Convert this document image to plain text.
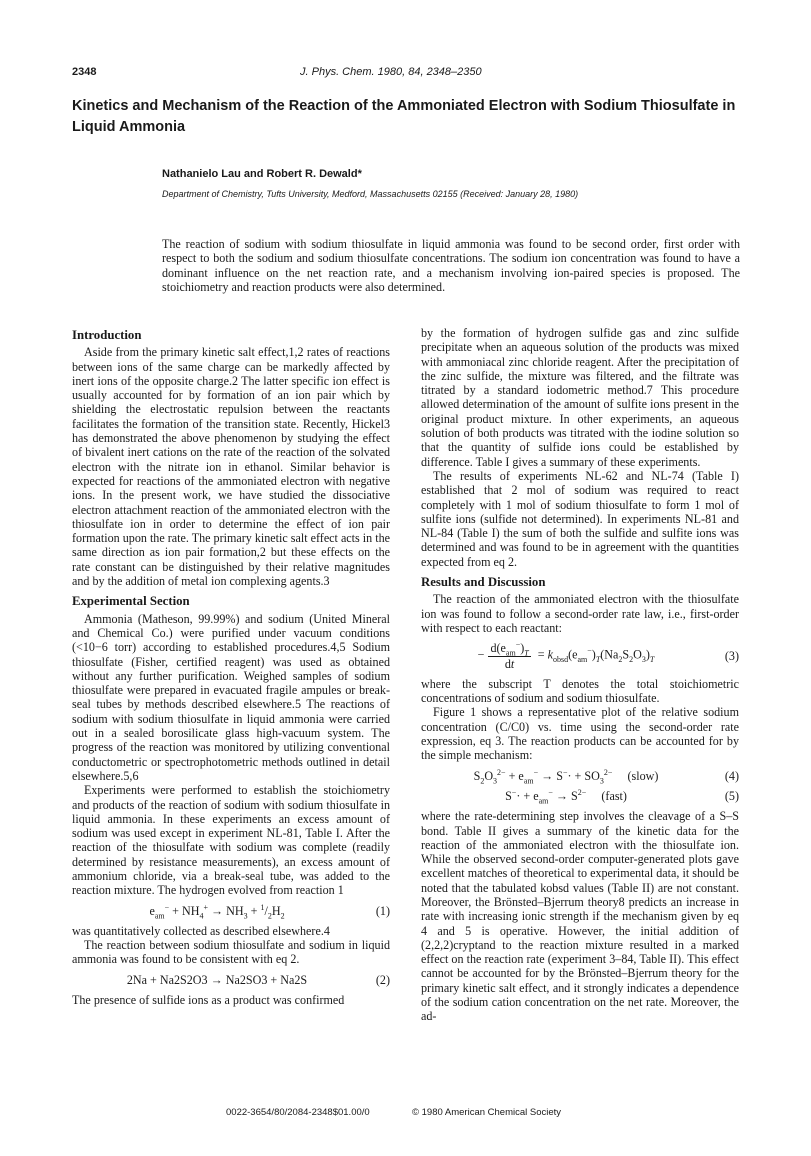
2348	J. Phys. Chem. 1980, 84, 2348–2350
Kinetics and Mechanism of the Reaction of the Ammoniated Electron with Sodium Thiosulfate in Liquid Ammonia
Nathanielo Lau and Robert R. Dewald*
Department of Chemistry, Tufts University, Medford, Massachusetts 02155 (Received: January 28, 1980)

The reaction of sodium with sodium thiosulfate in liquid ammonia was found to be second order, first order with respect to both the sodium and sodium thiosulfate concentrations. The sodium ion concentration was found to have a dominant influence on the net reaction rate, and a mechanism involving ion-paired species is proposed. The stoichiometry and reaction products were also determined.

Introduction

Aside from the primary kinetic salt effect,1,2 rates of reactions between ions of the same charge can be markedly affected by inert ions of the opposite charge.2 The latter specific ion effect is usually accounted for by formation of an ion pair which by shielding the electrostatic repulsion between the reactants facilitates the formation of the transition state. Recently, Hickel3 has demonstrated the above phenomenon by studying the effect of bivalent inert cations on the rate of the reaction of the solvated electron with the nitrate ion in ethanol. Similar behavior is expected for reactions of the ammoniated electron with negative ions. In the present work, we have studied the dissociative electron attachment reaction of the ammoniated electron with the thiosulfate ion in order to determine the effect of ion pair formation upon the rate. The primary kinetic salt effect acts in the same direction as ion pair formation,2 but these effects on the rate constant can be distinguished by their relative magnitudes and by the addition of metal ion complexing agents.3

Experimental Section

Ammonia (Matheson, 99.99%) and sodium (United Mineral and Chemical Co.) were purified under vacuum conditions (<10−6 torr) according to established procedures.4,5 Sodium thiosulfate (Fisher, certified reagent) was used as obtained without any further purification. Weighed samples of sodium thiosulfate were prepared in evacuated fragile ampules or break-seal tubes by methods described elsewhere.5 The reactions of sodium with sodium thiosulfate in liquid ammonia were carried out in a sealed borosilicate glass high-vacuum system. The progress of the reaction was monitored by utilizing conventional conductometric or spectrophotometric methods outlined in detail elsewhere.5,6

Experiments were performed to establish the stoichiometry and products of the reaction of sodium with sodium thiosulfate in liquid ammonia. In these experiments an excess amount of sodium was used except in experiment NL-81, Table I. After the reaction of the thiosulfate with sodium was complete (readily determined by resistance measurements), an excess amount of ammonium chloride, via a break-seal tube, was added to the reaction mixture. The hydrogen evolved from reaction 1

$e_{am}^- + NH_4^+ \to NH_3 + ^1/_2H_2$	(1)

was quantitatively collected as described elsewhere.4

The reaction between sodium thiosulfate and sodium in liquid ammonia was found to be consistent with eq 2.

2Na + Na2S2O3 → Na2SO3 + Na2S	(2)

The presence of sulfide ions as a product was confirmed

by the formation of hydrogen sulfide gas and zinc sulfide precipitate when an aqueous solution of the products was mixed with ammoniacal zinc chloride reagent. After the precipitation of the zinc sulfide, the mixture was filtered, and the filtrate was titrated by a standard iodometric method.7 This procedure allowed determination of the amount of sulfite ions present in the original product mixture. In other experiments, an aqueous solution of both products was titrated with the iodine solution so that the quantity of sulfide ions could be established by difference. Table I gives a summary of these experiments.

The results of experiments NL-62 and NL-74 (Table I) established that 2 mol of sodium was required to react completely with 1 mol of sodium thiosulfate to form 1 mol of sulfite ions (sulfide not determined). In experiments NL-81 and NL-84 (Table I) the sum of both the sulfide and sulfite ions was determined and was found to be in agreement with the quantities expected from eq 2.

Results and Discussion

The reaction of the ammoniated electron with the thiosulfate ion was found to follow a second-order rate law, i.e., first-order with respect to each reactant:

− $\frac{d(e_{am}^-)_T}{dt} = k_{obsd}(e_{am}^-)_T(Na_2S_2O_3)_T$	(3)

where the subscript T denotes the total stoichiometric concentrations of sodium and sodium thiosulfate.

Figure 1 shows a representative plot of the relative sodium concentration (C/C0) vs. time using the second-order rate expression, eq 3. The reaction products can be accounted for by the simple mechanism:

$S_2O_3^{2-} + e_{am}^- \to S^-\cdot + SO_3^{2-}$ (slow)	(4)
$S^-\cdot + e_{am}^- \to S^{2-}$ (fast)	(5)

where the rate-determining step involves the cleavage of a S–S bond. Table II gives a summary of the kinetic data for the reaction of the ammoniated electron with the thiosulfate ion. While the observed second-order computer-generated plots gave excellent matches of theoretical to experimental data, it should be noted that the tabulated kobsd values (Table II) are not constant. Moreover, the Brönsted–Bjerrum theory8 predicts an increase in rate with increasing ionic strength if the mechanism given by eq 4 and 5 is operative. However, the initial addition of (2,2,2)cryptand to the reaction mixture resulted in a marked effect on the reaction rate (experiment 3–84, Table II). This effect cannot be accounted for by the Brönsted–Bjerrum theory for the primary kinetic salt effect, and it strongly indicates a dependence of the sodium cation concentration on the net rate. Moreover, the ad-

0022-3654/80/2084-2348$01.00/0	© 1980 American Chemical Society
